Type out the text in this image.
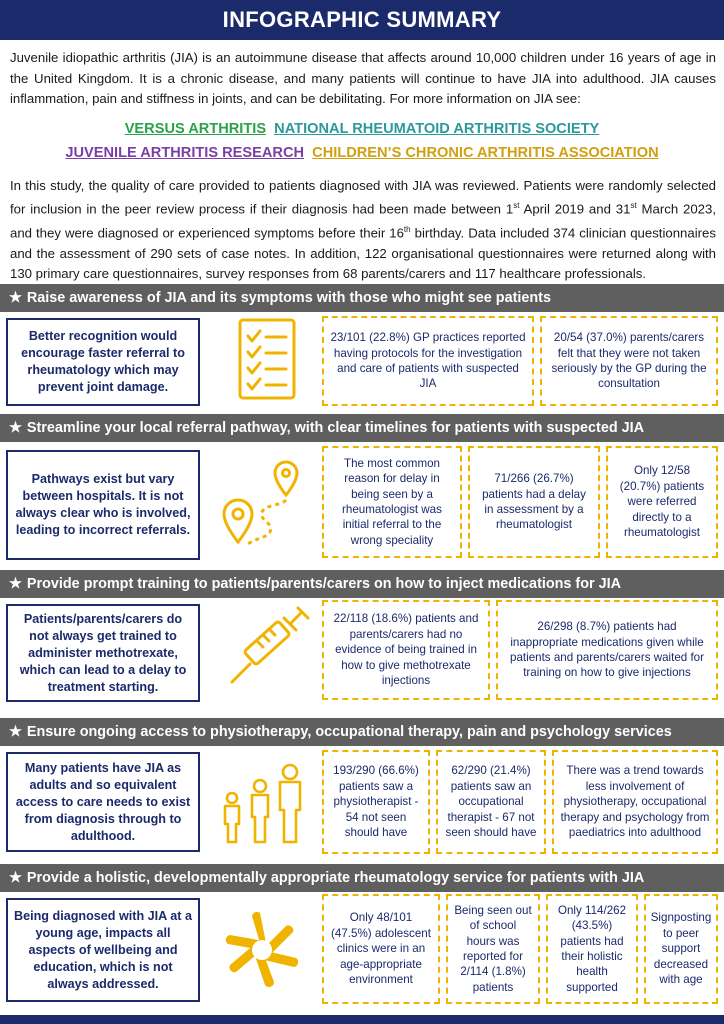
INFOGRAPHIC SUMMARY
Juvenile idiopathic arthritis (JIA) is an autoimmune disease that affects around 10,000 children under 16 years of age in the United Kingdom. It is a chronic disease, and many patients will continue to have JIA into adulthood. JIA causes inflammation, pain and stiffness in joints, and can be debilitating. For more information on JIA see:
VERSUS ARTHRITIS NATIONAL RHEUMATOID ARTHRITIS SOCIETY
JUVENILE ARTHRITIS RESEARCH CHILDREN’S CHRONIC ARTHRITIS ASSOCIATION
In this study, the quality of care provided to patients diagnosed with JIA was reviewed. Patients were randomly selected for inclusion in the peer review process if their diagnosis had been made between 1st April 2019 and 31st March 2023, and they were diagnosed or experienced symptoms before their 16th birthday. Data included 374 clinician questionnaires and the assessment of 290 sets of case notes. In addition, 122 organisational questionnaires were returned along with 130 primary care questionnaires, survey responses from 68 parents/carers and 117 healthcare professionals.
★ Raise awareness of JIA and its symptoms with those who might see patients
Better recognition would encourage faster referral to rheumatology which may prevent joint damage.
23/101 (22.8%) GP practices reported having protocols for the investigation and care of patients with suspected JIA
20/54 (37.0%) parents/carers felt that they were not taken seriously by the GP during the consultation
★ Streamline your local referral pathway, with clear timelines for patients with suspected JIA
Pathways exist but vary between hospitals. It is not always clear who is involved, leading to incorrect referrals.
The most common reason for delay in being seen by a rheumatologist was initial referral to the wrong speciality
71/266 (26.7%) patients had a delay in assessment by a rheumatologist
Only 12/58 (20.7%) patients were referred directly to a rheumatologist
★ Provide prompt training to patients/parents/carers on how to inject medications for JIA
Patients/parents/carers do not always get trained to administer methotrexate, which can lead to a delay to treatment starting.
22/118 (18.6%) patients and parents/carers had no evidence of being trained in how to give methotrexate injections
26/298 (8.7%) patients had inappropriate medications given while patients and parents/carers waited for training on how to give injections
★ Ensure ongoing access to physiotherapy, occupational therapy, pain and psychology services
Many patients have JIA as adults and so equivalent access to care needs to exist from diagnosis through to adulthood.
193/290 (66.6%) patients saw a physiotherapist - 54 not seen should have
62/290 (21.4%) patients saw an occupational therapist - 67 not seen should have
There was a trend towards less involvement of physiotherapy, occupational therapy and psychology from paediatrics into adulthood
★ Provide a holistic, developmentally appropriate rheumatology service for patients with JIA
Being diagnosed with JIA at a young age, impacts all aspects of wellbeing and education, which is not always addressed.
Only 48/101 (47.5%) adolescent clinics were in an age-appropriate environment
Being seen out of school hours was reported for 2/114 (1.8%) patients
Only 114/262 (43.5%) patients had their holistic health supported
Signposting to peer support decreased with age
